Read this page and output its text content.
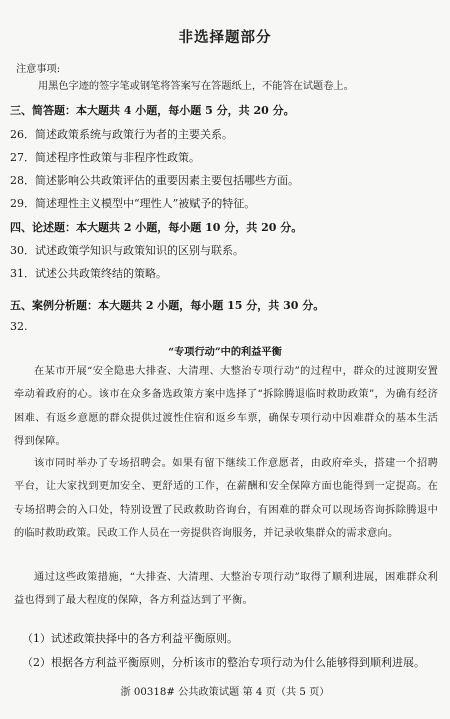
非选择题部分
注意事项:
用黑色字迹的签字笔或钢笔将答案写在答题纸上，不能答在试题卷上。
三、简答题：本大题共 4 小题，每小题 5 分，共 20 分。
26．简述政策系统与政策行为者的主要关系。
27．简述程序性政策与非程序性政策。
28．简述影响公共政策评估的重要因素主要包括哪些方面。
29．简述理性主义模型中“理性人”被赋予的特征。
四、论述题：本大题共 2 小题，每小题 10 分，共 20 分。
30．试述政策学知识与政策知识的区别与联系。
31．试述公共政策终结的策略。
五、案例分析题：本大题共 2 小题，每小题 15 分，共 30 分。
32.
“专项行动”中的利益平衡
在某市开展“安全隐患大排查、大清理、大整治专项行动”的过程中，群众的过渡期安置牵动着政府的心。该市在众多备选政策方案中选择了“拆除腾退临时救助政策”，为确有经济困难、有返乡意愿的群众提供过渡性住宿和返乡车票，确保专项行动中因难群众的基本生活得到保障。
该市同时举办了专场招聘会。如果有留下继续工作意愿者，由政府牵头，搭建一个招聘平台，让大家找到更加安全、更舒适的工作，在薪酬和安全保障方面也能得到一定提高。在专场招聘会的入口处，特别设置了民政救助咨询台，有困难的群众可以现场咨询拆除腾退中的临时救助政策。民政工作人员在一旁提供咨询服务，并记录收集群众的需求意向。
通过这些政策措施，“大排查、大清理、大整治专项行动”取得了顺利进展，困难群众利益也得到了最大程度的保障，各方利益达到了平衡。
（1）试述政策抉择中的各方利益平衡原则。
（2）根据各方利益平衡原则，分析该市的整治专项行动为什么能够得到顺利进展。
浙 00318# 公共政策试题 第 4 页（共 5 页）
